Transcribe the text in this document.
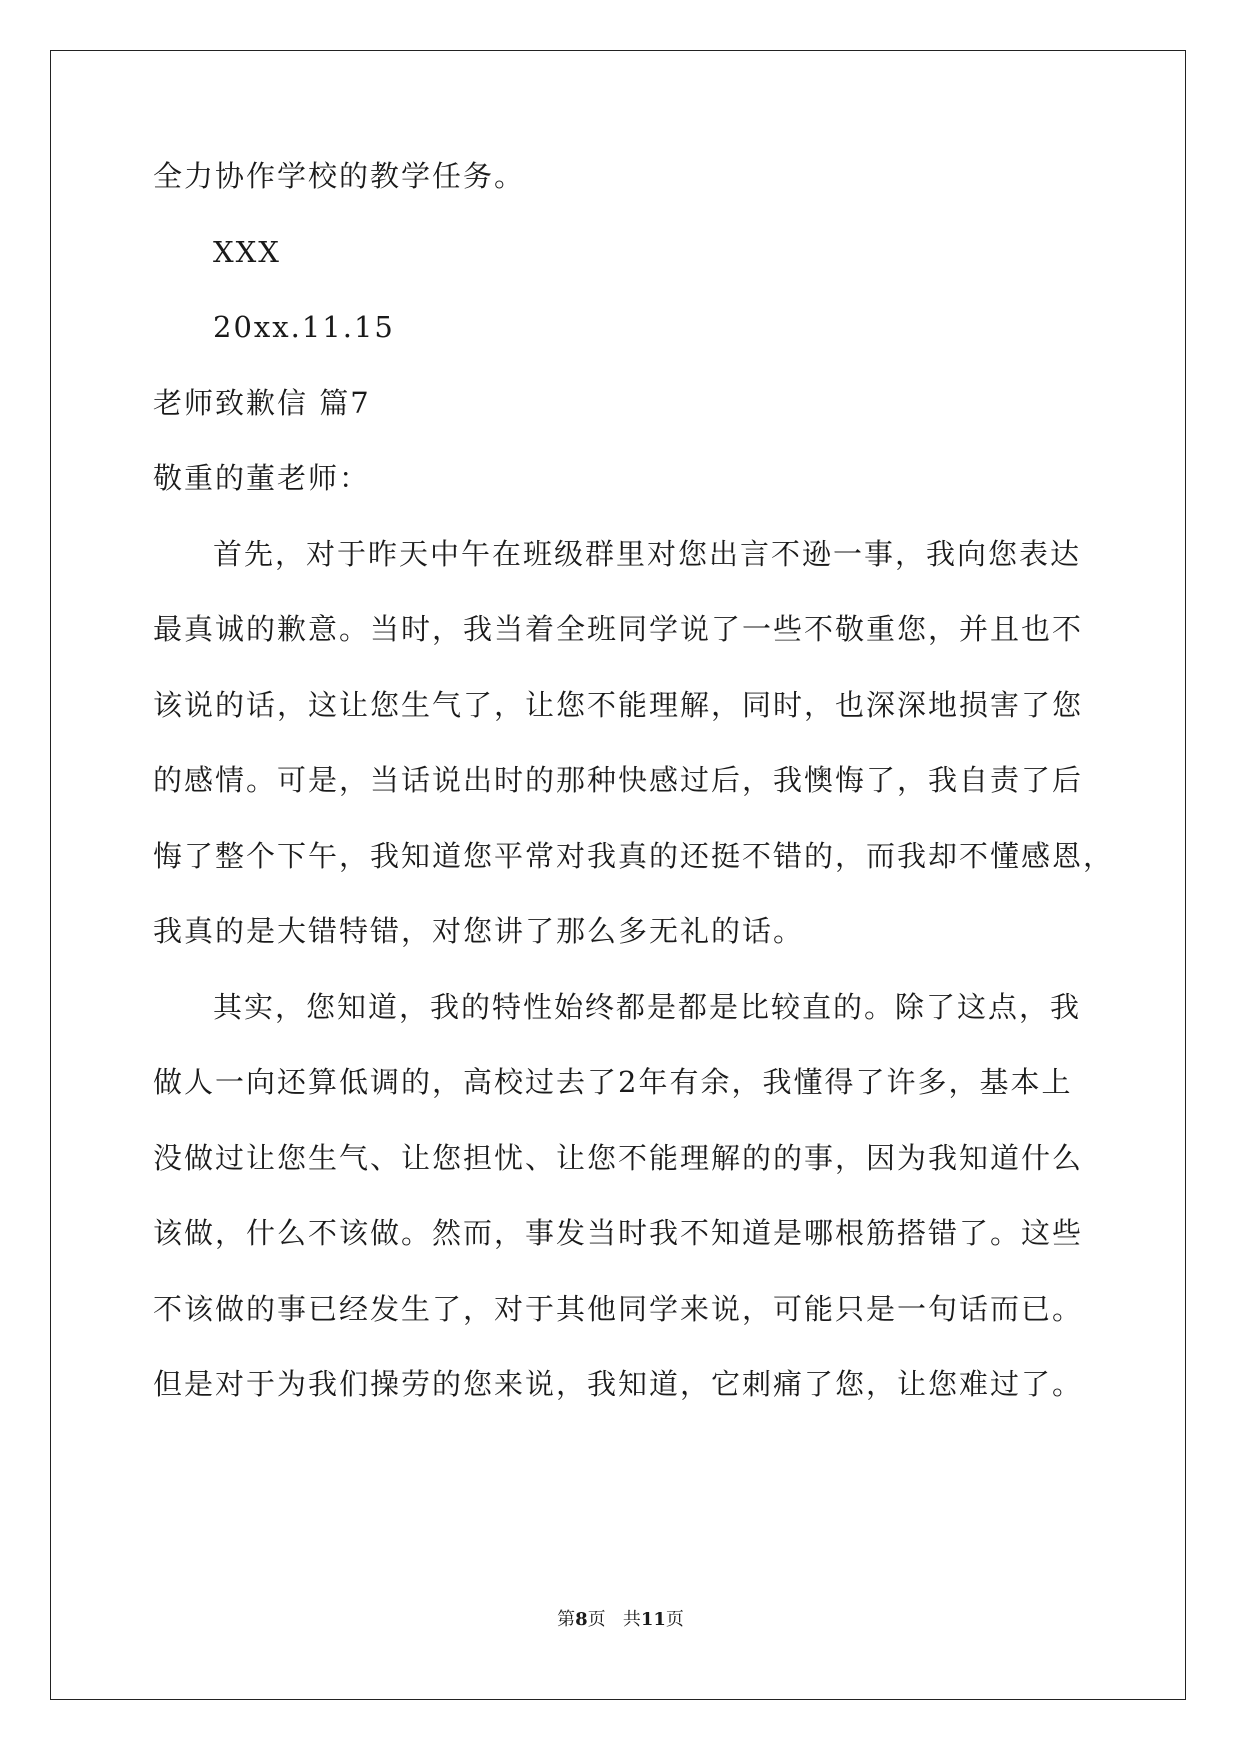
全力协作学校的教学任务。
XXX
20xx.11.15
老师致歉信 篇7
敬重的董老师：
首先，对于昨天中午在班级群里对您出言不逊一事，我向您表达
最真诚的歉意。当时，我当着全班同学说了一些不敬重您，并且也不
该说的话，这让您生气了，让您不能理解，同时，也深深地损害了您
的感情。可是，当话说出时的那种快感过后，我懊悔了，我自责了后
悔了整个下午，我知道您平常对我真的还挺不错的，而我却不懂感恩，
我真的是大错特错，对您讲了那么多无礼的话。
其实，您知道，我的特性始终都是都是比较直的。除了这点，我
做人一向还算低调的，高校过去了2年有余，我懂得了许多，基本上
没做过让您生气、让您担忧、让您不能理解的的事，因为我知道什么
该做，什么不该做。然而，事发当时我不知道是哪根筋搭错了。这些
不该做的事已经发生了，对于其他同学来说，可能只是一句话而已。
但是对于为我们操劳的您来说，我知道，它刺痛了您，让您难过了。
第8页 共11页
